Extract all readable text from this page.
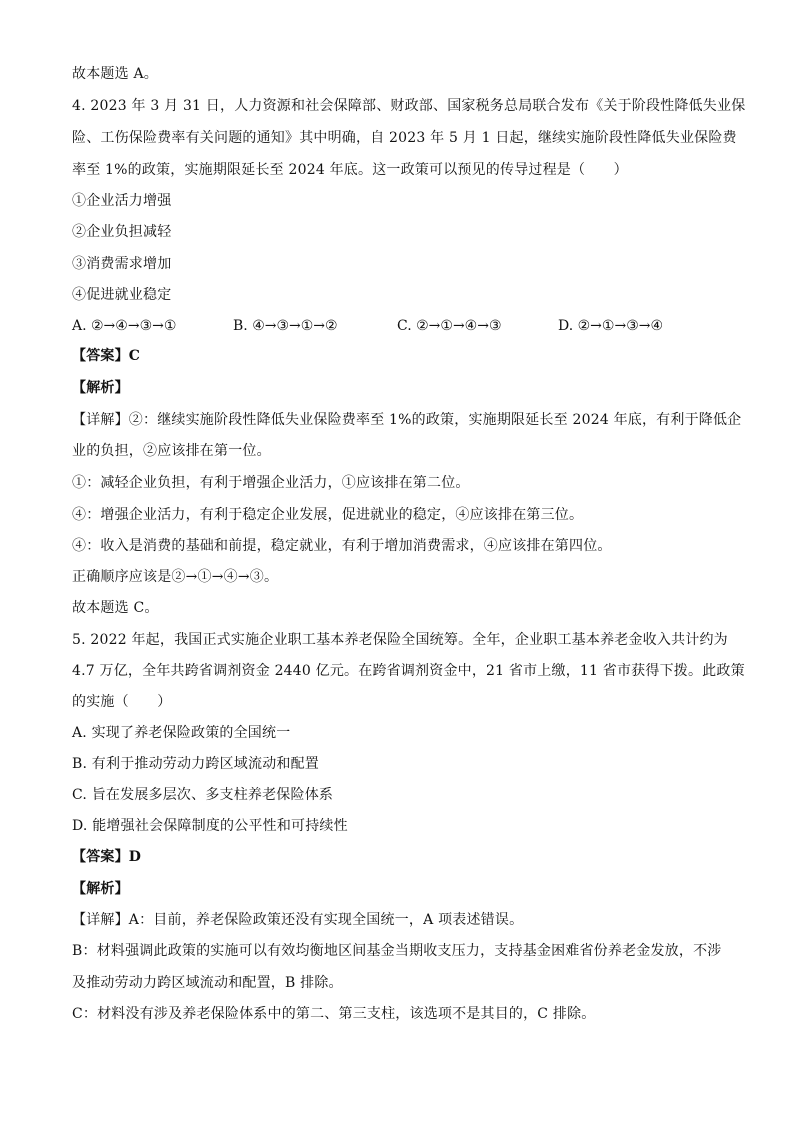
故本题选 A。
4. 2023 年 3 月 31 日，人力资源和社会保障部、财政部、国家税务总局联合发布《关于阶段性降低失业保
险、工伤保险费率有关问题的通知》其中明确，自 2023 年 5 月 1 日起，继续实施阶段性降低失业保险费
率至 1%的政策，实施期限延长至 2024 年底。这一政策可以预见的传导过程是（　　）
①企业活力增强
②企业负担减轻
③消费需求增加
④促进就业稳定
A. ②→④→③→①	B. ④→③→①→②	C. ②→①→④→③	D. ②→①→③→④
【答案】C
【解析】
【详解】②：继续实施阶段性降低失业保险费率至 1%的政策，实施期限延长至 2024 年底，有利于降低企
业的负担，②应该排在第一位。
①：减轻企业负担，有利于增强企业活力，①应该排在第二位。
④：增强企业活力，有利于稳定企业发展，促进就业的稳定，④应该排在第三位。
④：收入是消费的基础和前提，稳定就业，有利于增加消费需求，④应该排在第四位。
正确顺序应该是②→①→④→③。
故本题选 C。
5. 2022 年起，我国正式实施企业职工基本养老保险全国统筹。全年，企业职工基本养老金收入共计约为
4.7 万亿，全年共跨省调剂资金 2440 亿元。在跨省调剂资金中，21 省市上缴，11 省市获得下拨。此政策
的实施（　　）
A. 实现了养老保险政策的全国统一
B. 有利于推动劳动力跨区域流动和配置
C. 旨在发展多层次、多支柱养老保险体系
D. 能增强社会保障制度的公平性和可持续性
【答案】D
【解析】
【详解】A：目前，养老保险政策还没有实现全国统一，A 项表述错误。
B：材料强调此政策的实施可以有效均衡地区间基金当期收支压力，支持基金困难省份养老金发放，不涉
及推动劳动力跨区域流动和配置，B 排除。
C：材料没有涉及养老保险体系中的第二、第三支柱，该选项不是其目的，C 排除。
